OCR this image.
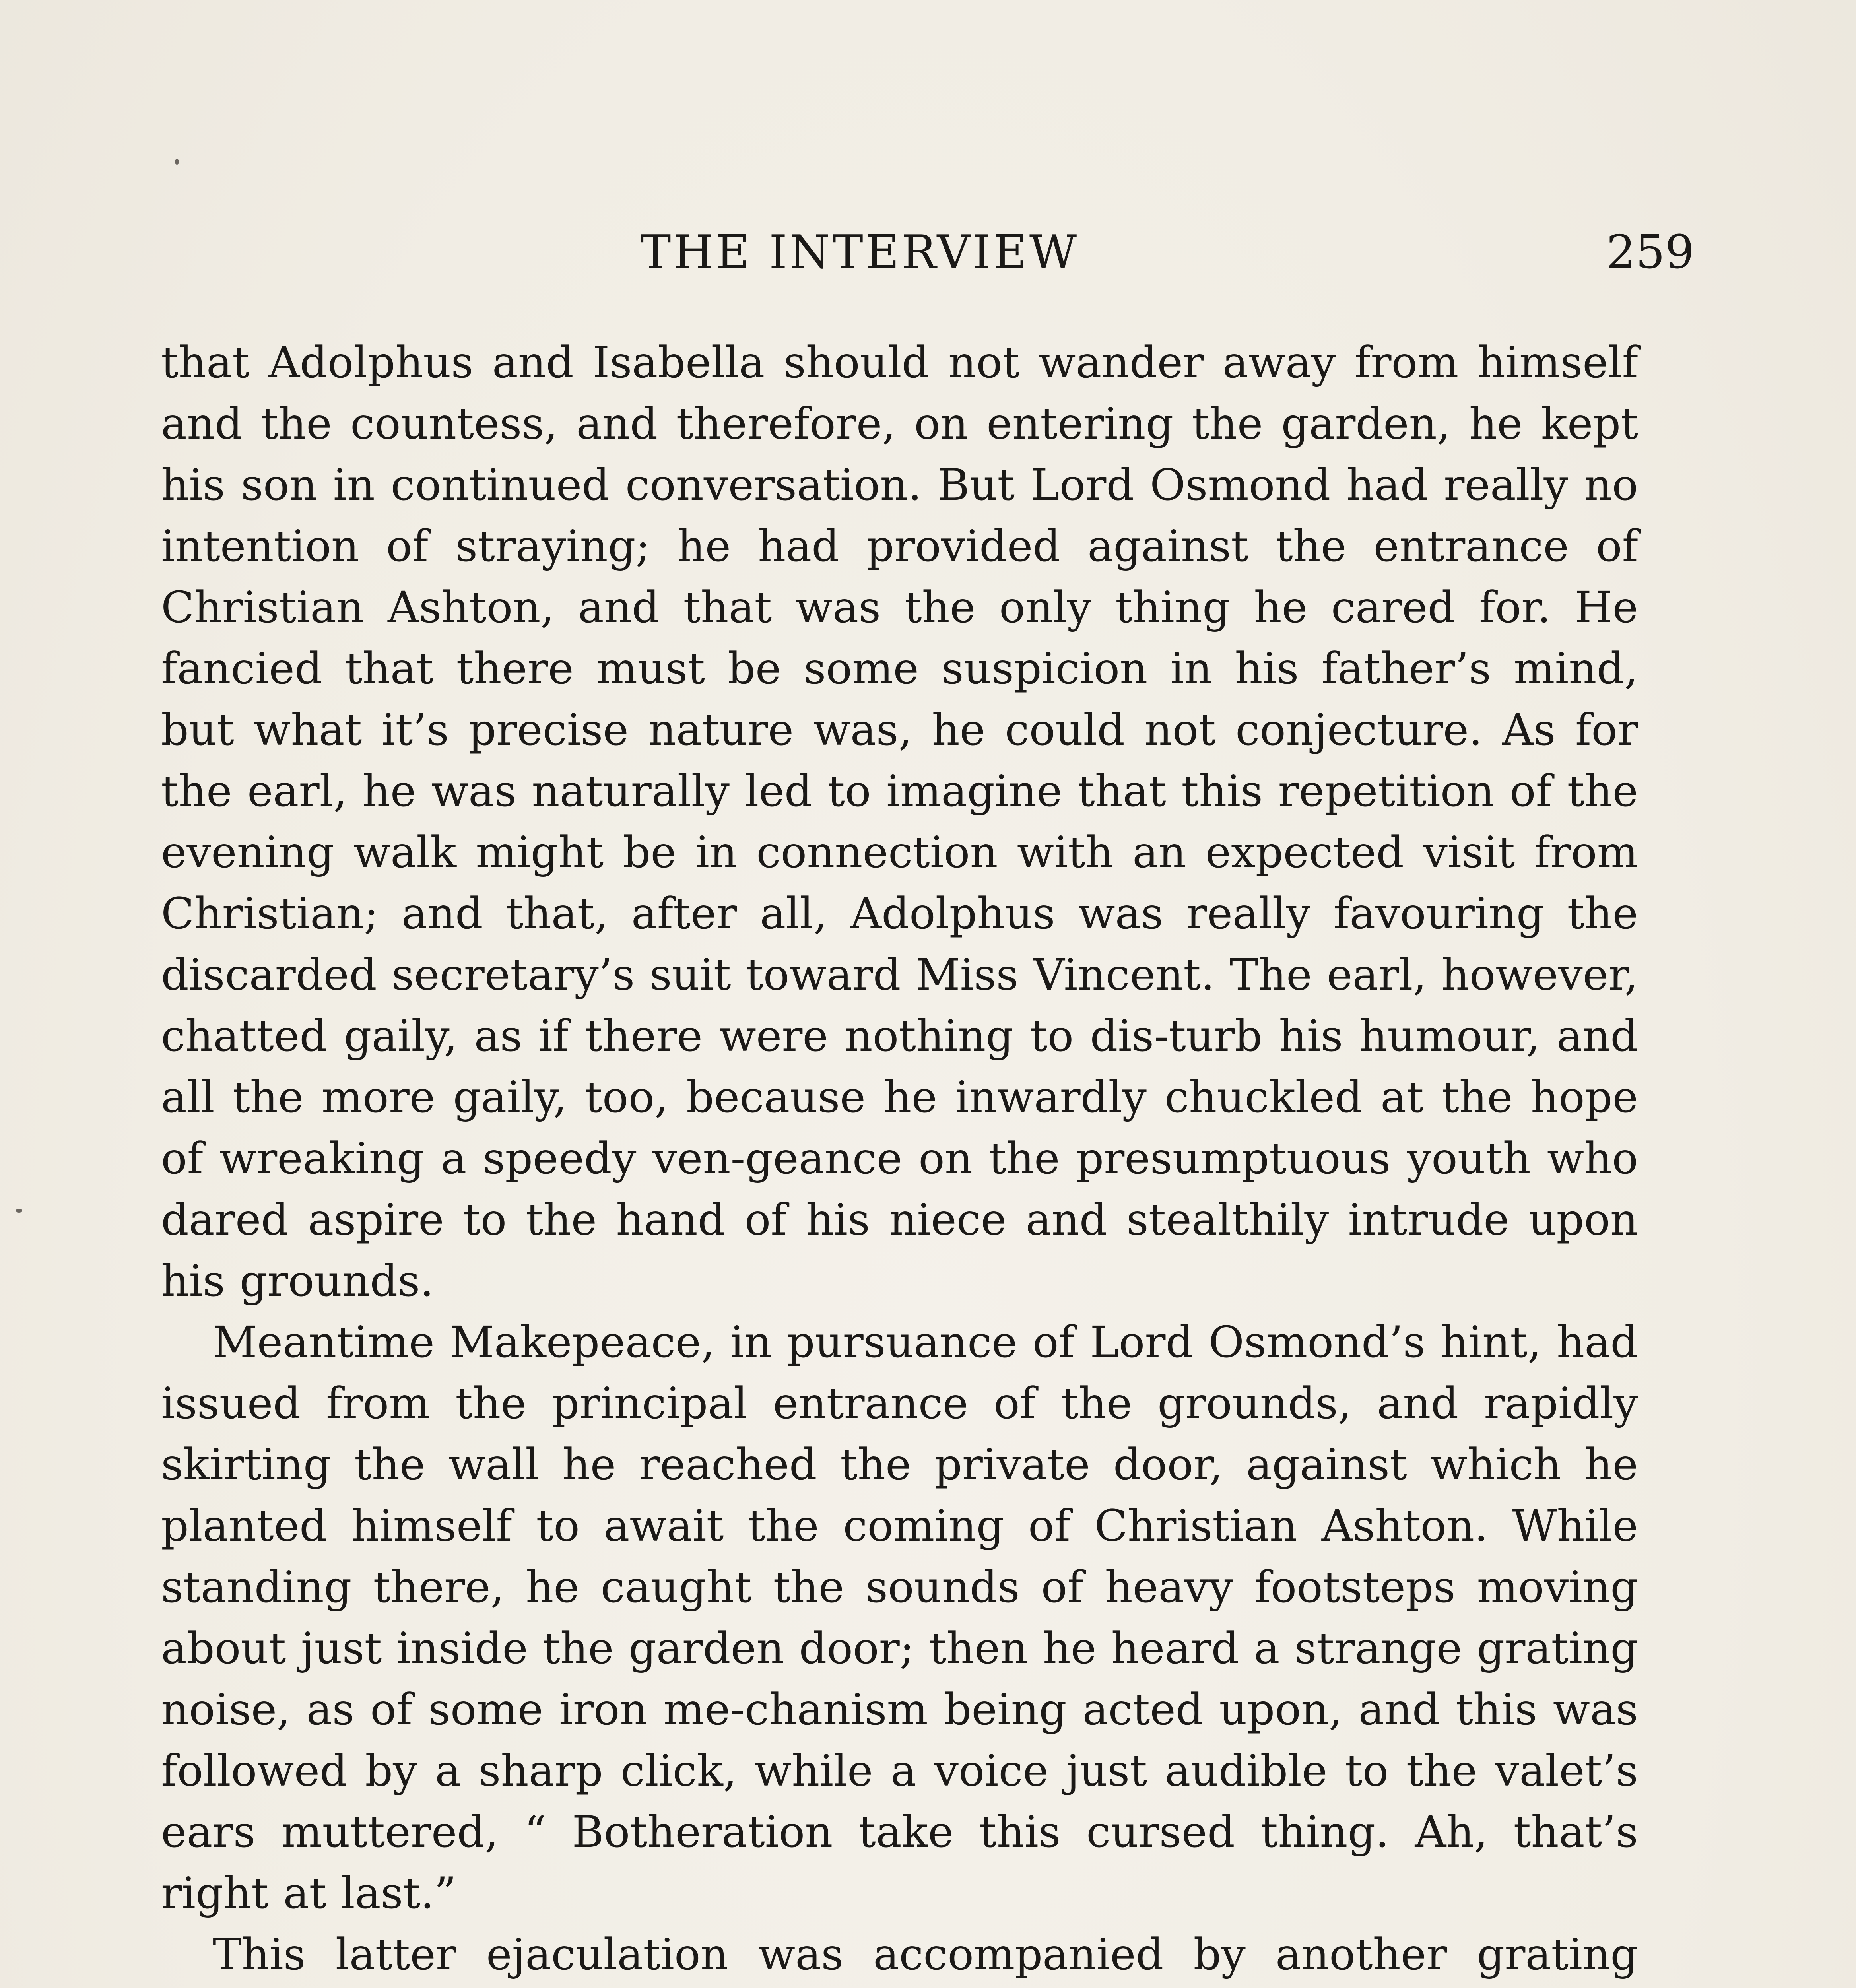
THE INTERVIEW	259

that Adolphus and Isabella should not wander away from himself and the countess, and therefore, on entering the garden, he kept his son in continued conversation. But Lord Osmond had really no intention of straying; he had provided against the entrance of Christian Ashton, and that was the only thing he cared for. He fancied that there must be some suspicion in his father’s mind, but what it’s precise nature was, he could not conjecture. As for the earl, he was naturally led to imagine that this repetition of the evening walk might be in connection with an expected visit from Christian; and that, after all, Adolphus was really favouring the discarded secretary’s suit toward Miss Vincent. The earl, however, chatted gaily, as if there were nothing to dis-turb his humour, and all the more gaily, too, because he inwardly chuckled at the hope of wreaking a speedy ven-geance on the presumptuous youth who dared aspire to the hand of his niece and stealthily intrude upon his grounds.

Meantime Makepeace, in pursuance of Lord Osmond’s hint, had issued from the principal entrance of the grounds, and rapidly skirting the wall he reached the private door, against which he planted himself to await the coming of Christian Ashton. While standing there, he caught the sounds of heavy footsteps moving about just inside the garden door; then he heard a strange grating noise, as of some iron me-chanism being acted upon, and this was followed by a sharp click, while a voice just audible to the valet’s ears muttered, “ Botheration take this cursed thing. Ah, that’s right at last.”

This latter ejaculation was accompanied by another grating
